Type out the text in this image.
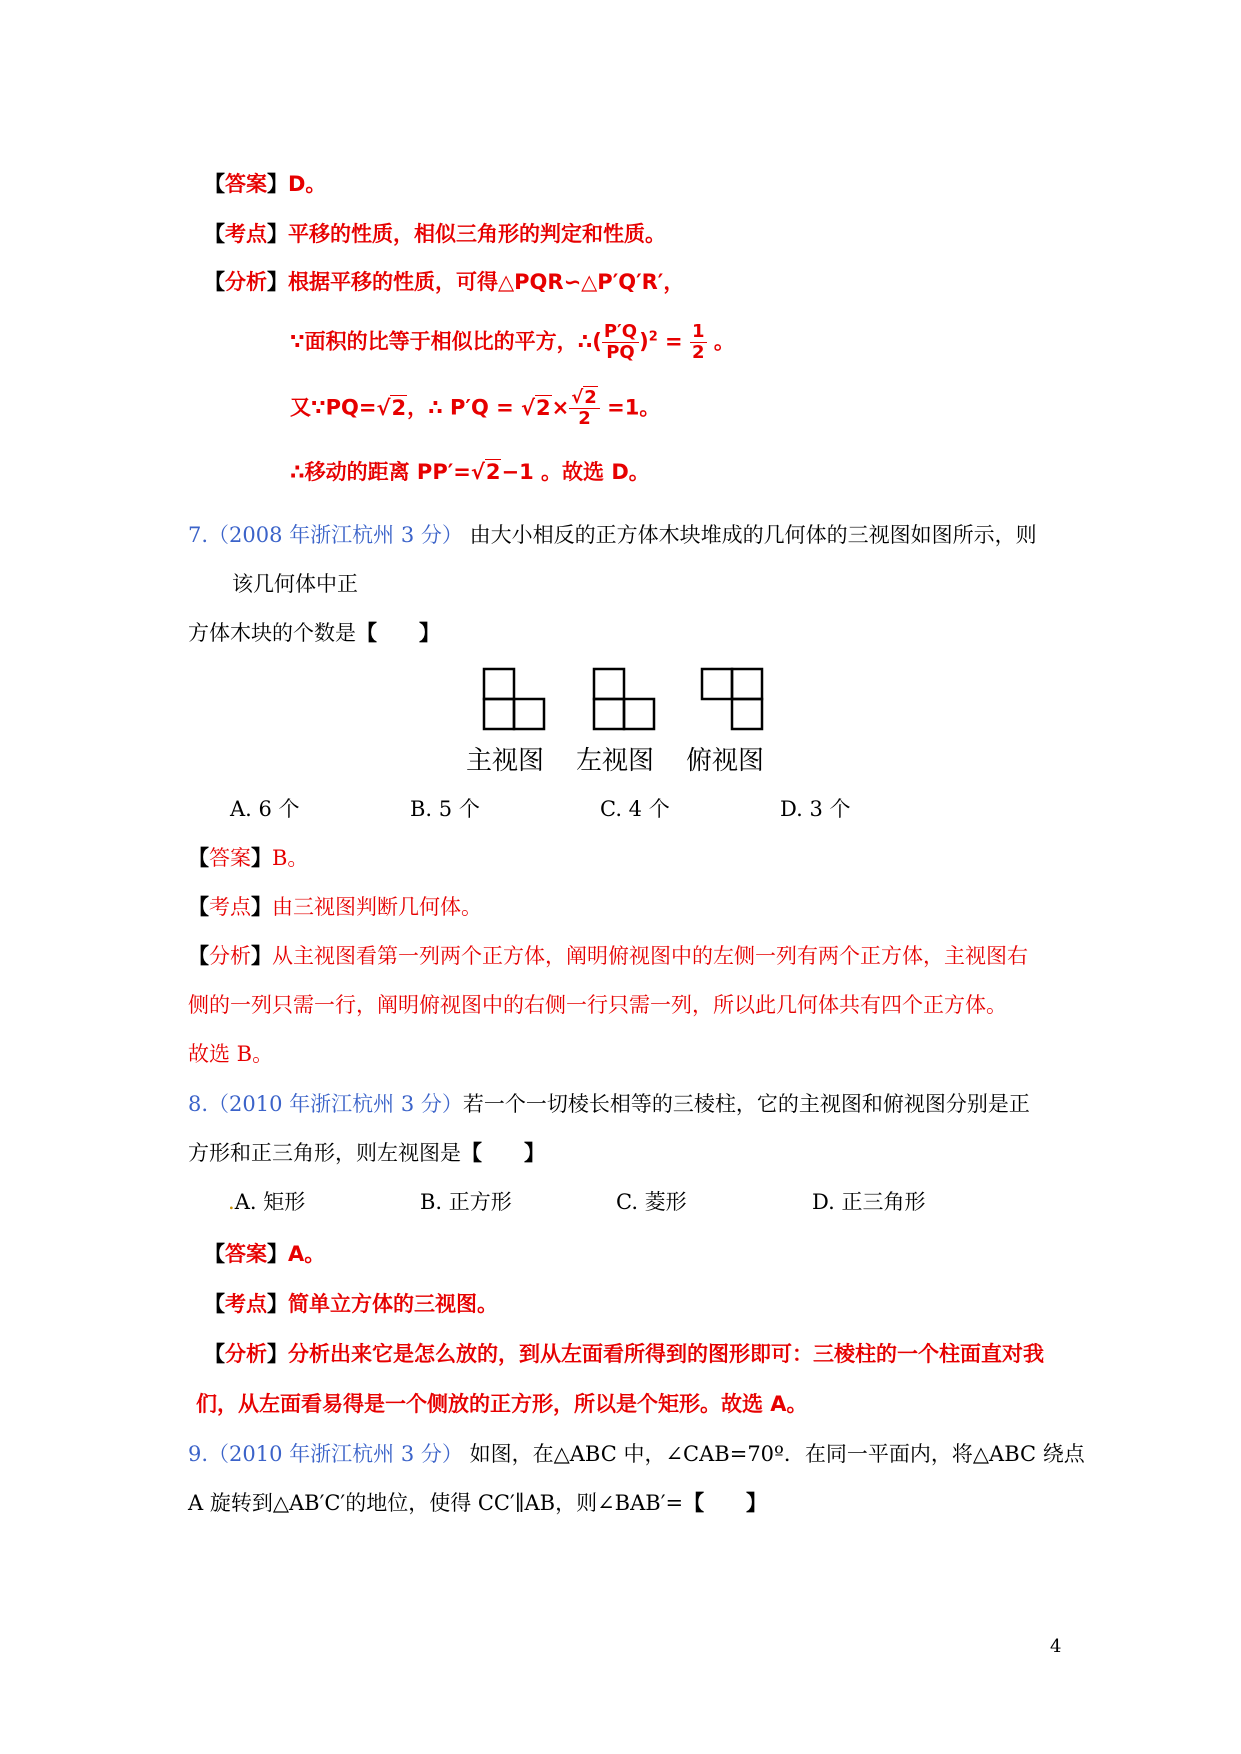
【答案】D。
【考点】平移的性质，相似三角形的判定和性质。
【分析】根据平移的性质，可得△PQR∽△P′Q′R′，
∵面积的比等于相似比的平方，∴( $\frac{P'Q}{PQ} )^2 = \frac{1}{2}$ 。
又∵PQ=√2，∴ $P'Q = √2\times \frac{√2}{2} =1$。
∴移动的距离 PP′=√2−1 。故选 D。
7.（2008 年浙江杭州 3 分） 由大小相反的正方体木块堆成的几何体的三视图如图所示，则
该几何体中正
方体木块的个数是【　　】
主视图 左视图 俯视图
A. 6 个	B. 5 个	C. 4 个	D. 3 个
【答案】B。
【考点】由三视图判断几何体。
【分析】从主视图看第一列两个正方体，阐明俯视图中的左侧一列有两个正方体，主视图右
侧的一列只需一行，阐明俯视图中的右侧一行只需一列，所以此几何体共有四个正方体。
故选 B。
8.（2010 年浙江杭州 3 分）若一个一切棱长相等的三棱柱，它的主视图和俯视图分别是正
方形和正三角形，则左视图是【　　】
.A. 矩形	B. 正方形	C. 菱形	D. 正三角形
【答案】A。
【考点】简单立方体的三视图。
【分析】分析出来它是怎么放的，到从左面看所得到的图形即可：三棱柱的一个柱面直对我
们，从左面看易得是一个侧放的正方形，所以是个矩形。故选 A。
9.（2010 年浙江杭州 3 分） 如图，在△ABC 中，∠CAB=70º．在同一平面内，将△ABC 绕点
A 旋转到△AB′C′的地位，使得 CC′∥AB，则∠BAB′=【　　】
4
